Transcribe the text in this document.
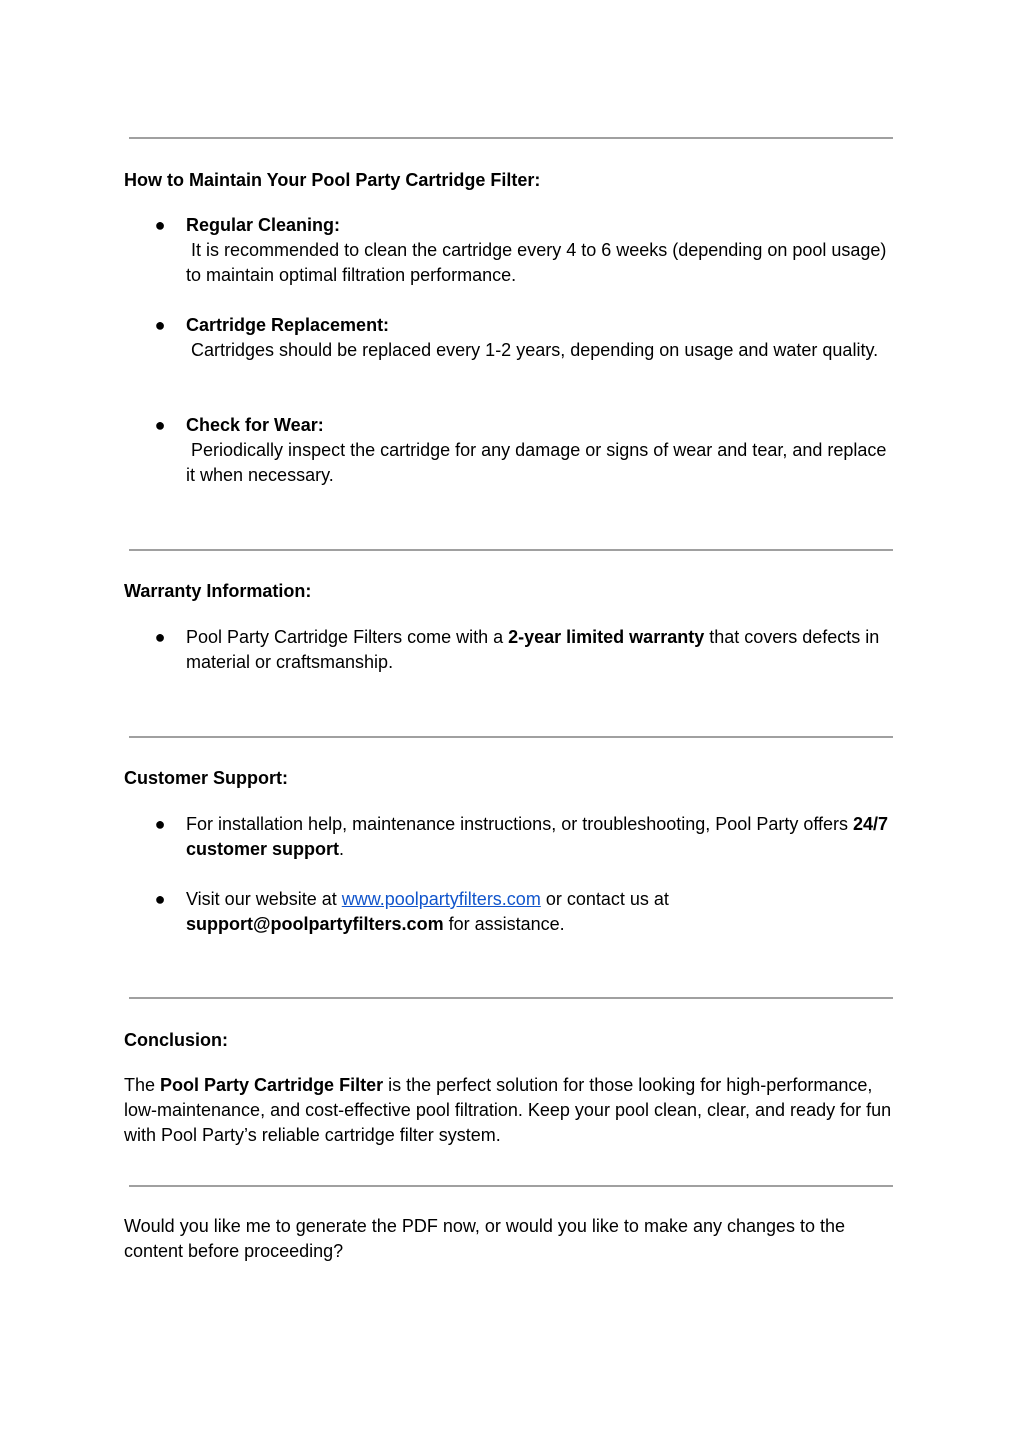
How to Maintain Your Pool Party Cartridge Filter:
● Regular Cleaning:
It is recommended to clean the cartridge every 4 to 6 weeks (depending on pool usage) to maintain optimal filtration performance.
● Cartridge Replacement:
Cartridges should be replaced every 1-2 years, depending on usage and water quality.
● Check for Wear:
Periodically inspect the cartridge for any damage or signs of wear and tear, and replace it when necessary.
Warranty Information:
● Pool Party Cartridge Filters come with a 2-year limited warranty that covers defects in material or craftsmanship.
Customer Support:
● For installation help, maintenance instructions, or troubleshooting, Pool Party offers 24/7 customer support.
● Visit our website at www.poolpartyfilters.com or contact us at
support@poolpartyfilters.com for assistance.
Conclusion:
The Pool Party Cartridge Filter is the perfect solution for those looking for high-performance, low-maintenance, and cost-effective pool filtration. Keep your pool clean, clear, and ready for fun with Pool Party’s reliable cartridge filter system.
Would you like me to generate the PDF now, or would you like to make any changes to the content before proceeding?
